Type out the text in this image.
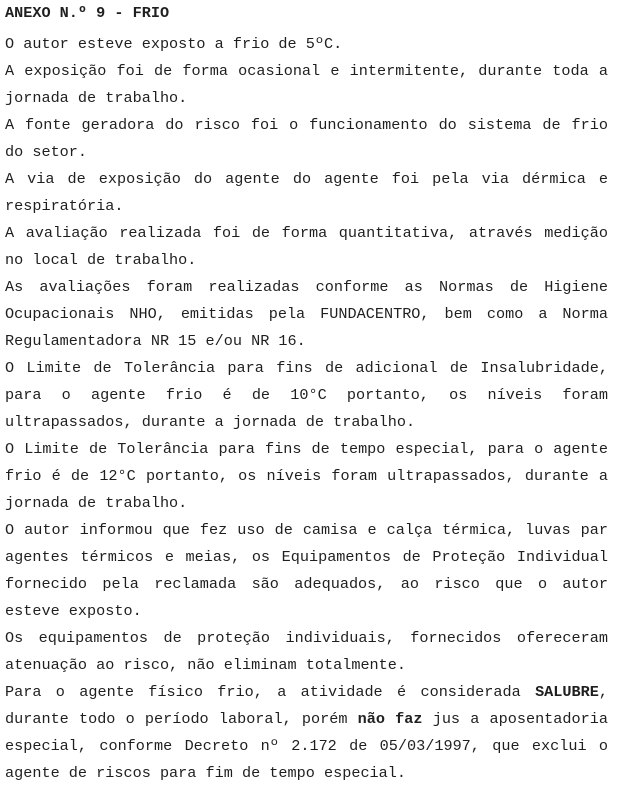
ANEXO N.º 9 - FRIO

O autor esteve exposto a frio de 5ºC.

A exposição foi de forma ocasional e intermitente, durante toda a jornada de trabalho.

A fonte geradora do risco foi o funcionamento do sistema de frio do setor.

A via de exposição do agente do agente foi pela via dérmica e respiratória.

A avaliação realizada foi de forma quantitativa, através medição no local de trabalho.

As avaliações foram realizadas conforme as Normas de Higiene Ocupacionais NHO, emitidas pela FUNDACENTRO, bem como a Norma Regulamentadora NR 15 e/ou NR 16.

O Limite de Tolerância para fins de adicional de Insalubridade, para o agente frio é de 10°C portanto, os níveis foram ultrapassados, durante a jornada de trabalho.

O Limite de Tolerância para fins de tempo especial, para o agente frio é de 12°C portanto, os níveis foram ultrapassados, durante a jornada de trabalho.

O autor informou que fez uso de camisa e calça térmica, luvas par agentes térmicos e meias, os Equipamentos de Proteção Individual fornecido pela reclamada são adequados, ao risco que o autor esteve exposto.

Os equipamentos de proteção individuais, fornecidos ofereceram atenuação ao risco, não eliminam totalmente.

Para o agente físico frio, a atividade é considerada SALUBRE, durante todo o período laboral, porém não faz jus a aposentadoria especial, conforme Decreto nº 2.172 de 05/03/1997, que exclui o agente de riscos para fim de tempo especial.
